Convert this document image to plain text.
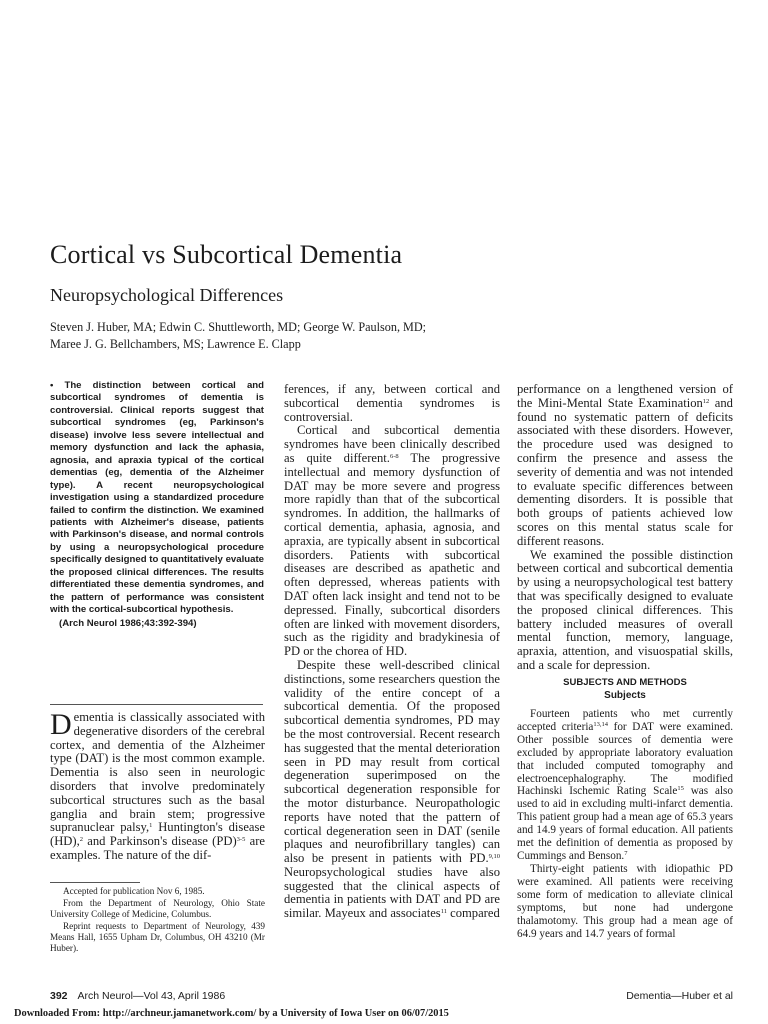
Cortical vs Subcortical Dementia
Neuropsychological Differences
Steven J. Huber, MA; Edwin C. Shuttleworth, MD; George W. Paulson, MD;
Maree J. G. Bellchambers, MS; Lawrence E. Clapp

• The distinction between cortical and subcortical syndromes of dementia is controversial. Clinical reports suggest that subcortical syndromes (eg, Parkinson's disease) involve less severe intellectual and memory dysfunction and lack the aphasia, agnosia, and apraxia typical of the cortical dementias (eg, dementia of the Alzheimer type). A recent neuropsychological investigation using a standardized procedure failed to confirm the distinction. We examined patients with Alzheimer's disease, patients with Parkinson's disease, and normal controls by using a neuropsychological procedure specifically designed to quantitatively evaluate the proposed clinical differences. The results differentiated these dementia syndromes, and the pattern of performance was consistent with the cortical-subcortical hypothesis.

(Arch Neurol 1986;43:392-394)

Dementia is classically associated with degenerative disorders of the cerebral cortex, and dementia of the Alzheimer type (DAT) is the most common example. Dementia is also seen in neurologic disorders that involve predominately subcortical structures such as the basal ganglia and brain stem; progressive supranuclear palsy,$^1$ Huntington's disease (HD),$^2$ and Parkinson's disease (PD)$^{3-5}$ are examples. The nature of the dif-

Accepted for publication Nov 6, 1985.

From the Department of Neurology, Ohio State University College of Medicine, Columbus.

Reprint requests to Department of Neurology, 439 Means Hall, 1655 Upham Dr, Columbus, OH 43210 (Mr Huber).

ferences, if any, between cortical and subcortical dementia syndromes is controversial.

Cortical and subcortical dementia syndromes have been clinically described as quite different.$^{6-8}$ The progressive intellectual and memory dysfunction of DAT may be more severe and progress more rapidly than that of the subcortical syndromes. In addition, the hallmarks of cortical dementia, aphasia, agnosia, and apraxia, are typically absent in subcortical disorders. Patients with subcortical diseases are described as apathetic and often depressed, whereas patients with DAT often lack insight and tend not to be depressed. Finally, subcortical disorders often are linked with movement disorders, such as the rigidity and bradykinesia of PD or the chorea of HD.

Despite these well-described clinical distinctions, some researchers question the validity of the entire concept of a subcortical dementia. Of the proposed subcortical dementia syndromes, PD may be the most controversial. Recent research has suggested that the mental deterioration seen in PD may result from cortical degeneration superimposed on the subcortical degeneration responsible for the motor disturbance. Neuropathologic reports have noted that the pattern of cortical degeneration seen in DAT (senile plaques and neurofibrillary tangles) can also be present in patients with PD.$^{9,10}$ Neuropsychological studies have also suggested that the clinical aspects of dementia in patients with DAT and PD are similar. Mayeux and associates$^{11}$ compared

performance on a lengthened version of the Mini-Mental State Examination$^{12}$ and found no systematic pattern of deficits associated with these disorders. However, the procedure used was designed to confirm the presence and assess the severity of dementia and was not intended to evaluate specific differences between dementing disorders. It is possible that both groups of patients achieved low scores on this mental status scale for different reasons.

We examined the possible distinction between cortical and subcortical dementia by using a neuropsychological test battery that was specifically designed to evaluate the proposed clinical differences. This battery included measures of overall mental function, memory, language, apraxia, attention, and visuospatial skills, and a scale for depression.

SUBJECTS AND METHODS
Subjects

Fourteen patients who met currently accepted criteria$^{13,14}$ for DAT were examined. Other possible sources of dementia were excluded by appropriate laboratory evaluation that included computed tomography and electroencephalography. The modified Hachinski Ischemic Rating Scale$^{15}$ was also used to aid in excluding multi-infarct dementia. This patient group had a mean age of 65.3 years and 14.9 years of formal education. All patients met the definition of dementia as proposed by Cummings and Benson.$^7$

Thirty-eight patients with idiopathic PD were examined. All patients were receiving some form of medication to alleviate clinical symptoms, but none had undergone thalamotomy. This group had a mean age of 64.9 years and 14.7 years of formal

392 Arch Neurol—Vol 43, April 1986	Dementia—Huber et al
Downloaded From: http://archneur.jamanetwork.com/ by a University of Iowa User on 06/07/2015
